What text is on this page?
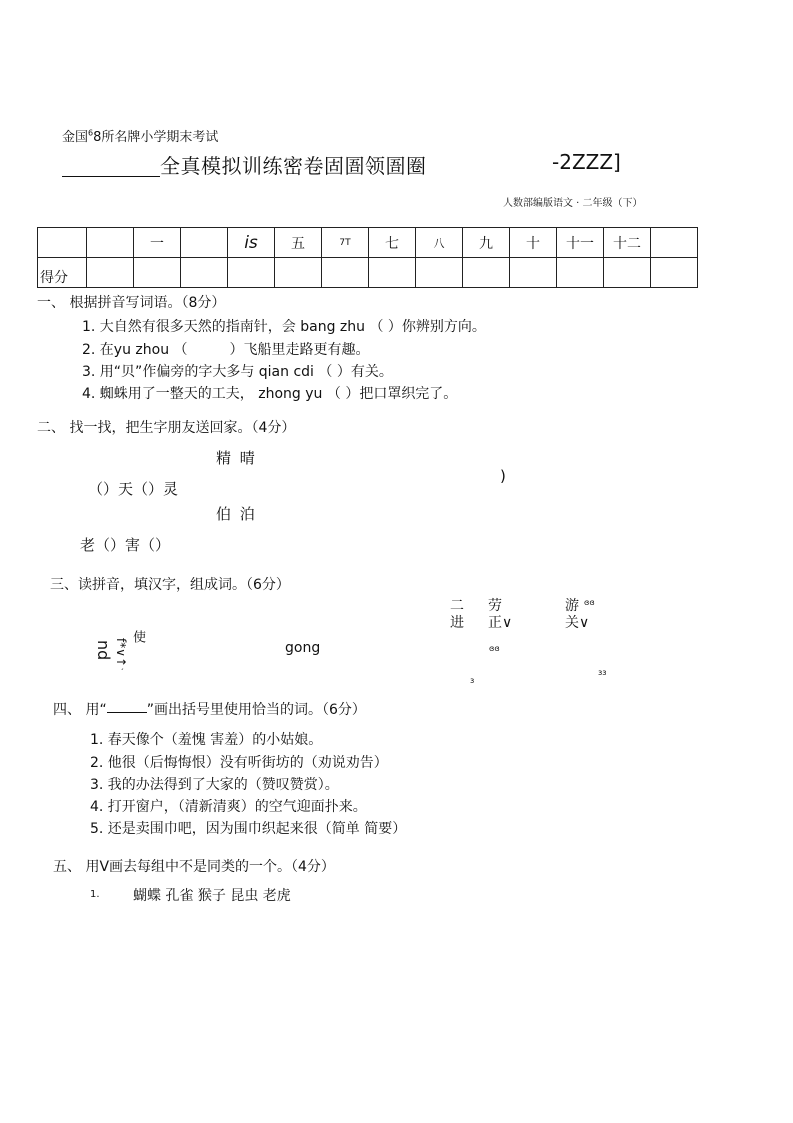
金国$^6$8所名牌小学期末考试
全真模拟训练密卷固圄领圄圈	-2ZZZ]
人数部编版语文 · 二年级（下）
		一		is	五	7T	七	八	九	十	十一	十二	
得分													
一、 根据拼音写词语。（8分）
1. 大自然有很多天然的指南针，会 bang zhu （ ）你辨别方向。
2. 在yu zhou （　　　）飞船里走路更有趣。
3. 用“贝”作偏旁的字大多与 qian cdi （ ）有关。
4. 蜘蛛用了一整天的工夫， zhong yu （ ）把口罩织完了。
二、 找一找，把生字朋友送回家。（4分）
精 晴
（）天（）灵
)
伯 泊
老（）害（）
三、读拼音，填汉字，组成词。（6分）
pu
使
f*∨↑
ˊ
gong
二
进
劳
正∨
ɞɞ
游
关∨
ɞɞ
ɜ
ɜɜ
四、 用“	”画出括号里使用恰当的词。（6分）
1. 春天像个（羞愧 害羞）的小姑娘。
2. 他很（后悔悔恨）没有听街坊的（劝说劝告）
3. 我的办法得到了大家的（赞叹赞赏）。
4. 打开窗户，（清新清爽）的空气迎面扑来。
5. 还是卖围巾吧，因为围巾织起来很（简单 简要）
五、 用V画去每组中不是同类的一个。（4分）
1. 蝴蝶 孔雀 猴子 昆虫 老虎
